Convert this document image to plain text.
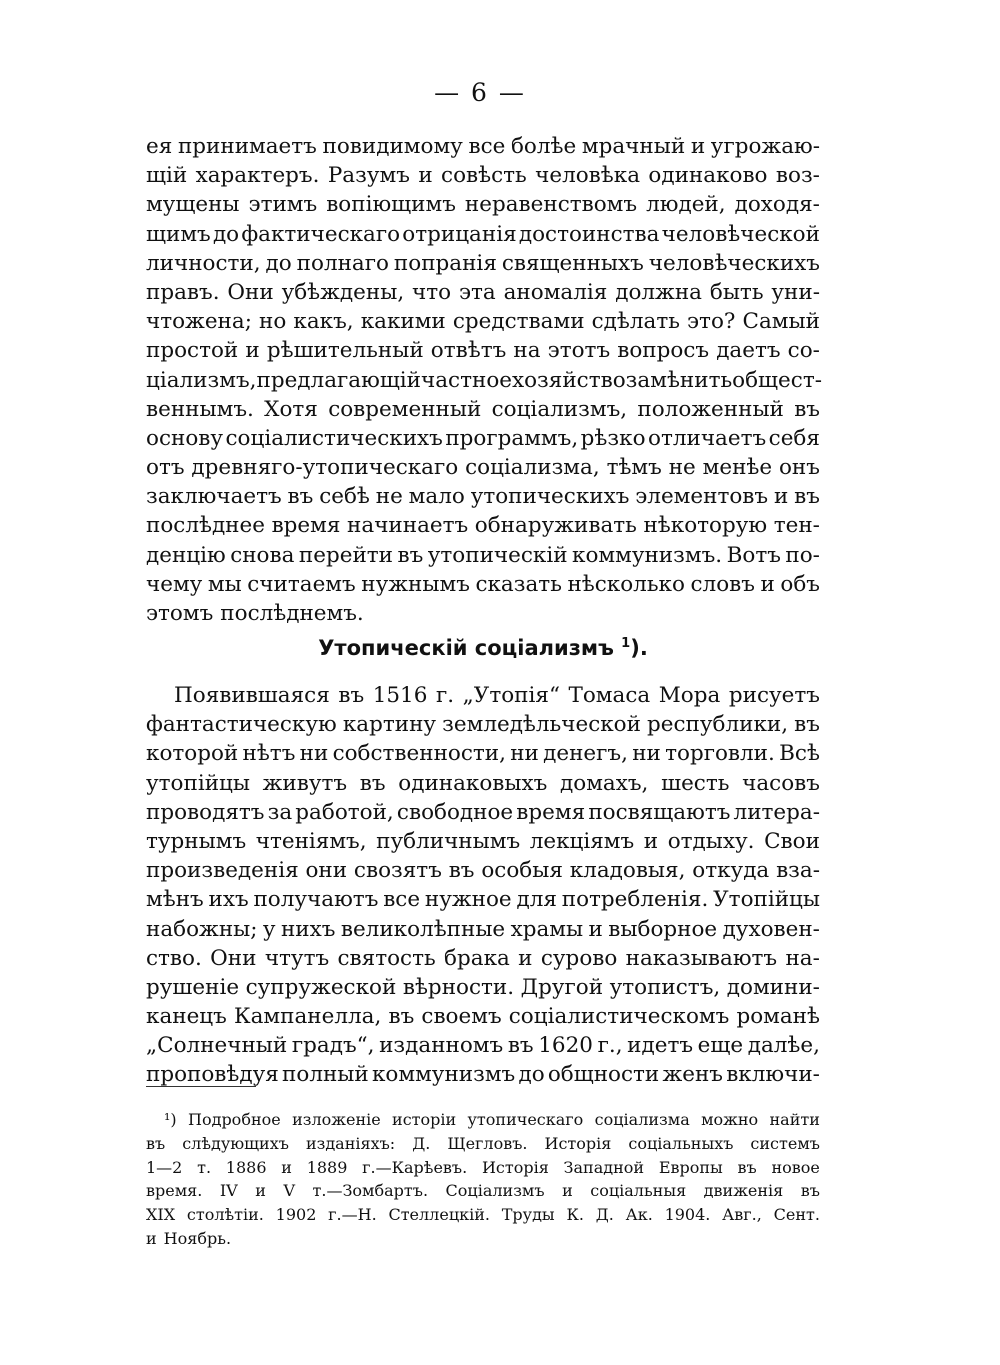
— 6 —
ея принимаетъ повидимому все болѣе мрачный и угрожаю-
щій характеръ. Разумъ и совѣсть человѣка одинаково воз-
мущены этимъ вопіющимъ неравенствомъ людей, доходя-
щимъ до фактическаго отрицанія достоинства человѣческой
личности, до полнаго попранія священныхъ человѣческихъ
правъ. Они убѣждены, что эта аномалія должна быть уни-
чтожена; но какъ, какими средствами сдѣлать это? Самый
простой и рѣшительный отвѣтъ на этотъ вопросъ даетъ со-
ціализмъ, предлагающій частное хозяйство замѣнить общест-
веннымъ. Хотя современный соціализмъ, положенный въ
основу соціалистическихъ программъ, рѣзко отличаетъ себя
отъ древняго-утопическаго соціализма, тѣмъ не менѣе онъ
заключаетъ въ себѣ не мало утопическихъ элементовъ и въ
послѣднее время начинаетъ обнаруживать нѣкоторую тен-
денцію снова перейти въ утопическій коммунизмъ. Вотъ по-
чему мы считаемъ нужнымъ сказать нѣсколько словъ и объ
этомъ послѣднемъ.
Утопическій соціализмъ $^1$).
Появившаяся въ 1516 г. „Утопія“ Томаса Мора рисуетъ
фантастическую картину земледѣльческой республики, въ
которой нѣтъ ни собственности, ни денегъ, ни торговли. Всѣ
утопійцы живутъ въ одинаковыхъ домахъ, шесть часовъ
проводятъ за работой, свободное время посвящаютъ литера-
турнымъ чтеніямъ, публичнымъ лекціямъ и отдыху. Свои
произведенія они свозятъ въ особыя кладовыя, откуда вза-
мѣнъ ихъ получаютъ все нужное для потребленія. Утопійцы
набожны; у нихъ великолѣпные храмы и выборное духовен-
ство. Они чтутъ святость брака и сурово наказываютъ на-
рушеніе супружеской вѣрности. Другой утопистъ, домини-
канецъ Кампанелла, въ своемъ соціалистическомъ романѣ
„Солнечный градъ“, изданномъ въ 1620 г., идетъ еще далѣе,
проповѣдуя полный коммунизмъ до общности женъ включи-
¹) Подробное изложеніе исторіи утопическаго соціализма можно найти
въ слѣдующихъ изданіяхъ: Д. Щегловъ. Исторія соціальныхъ системъ
1—2 т. 1886 и 1889 г.—Карѣевъ. Исторія Западной Европы въ новое
время. IV и V т.—Зомбартъ. Соціализмъ и соціальныя движенія въ
XIX столѣтіи. 1902 г.—Н. Стеллецкій. Труды К. Д. Ак. 1904. Авг., Сент.
и Ноябрь.
